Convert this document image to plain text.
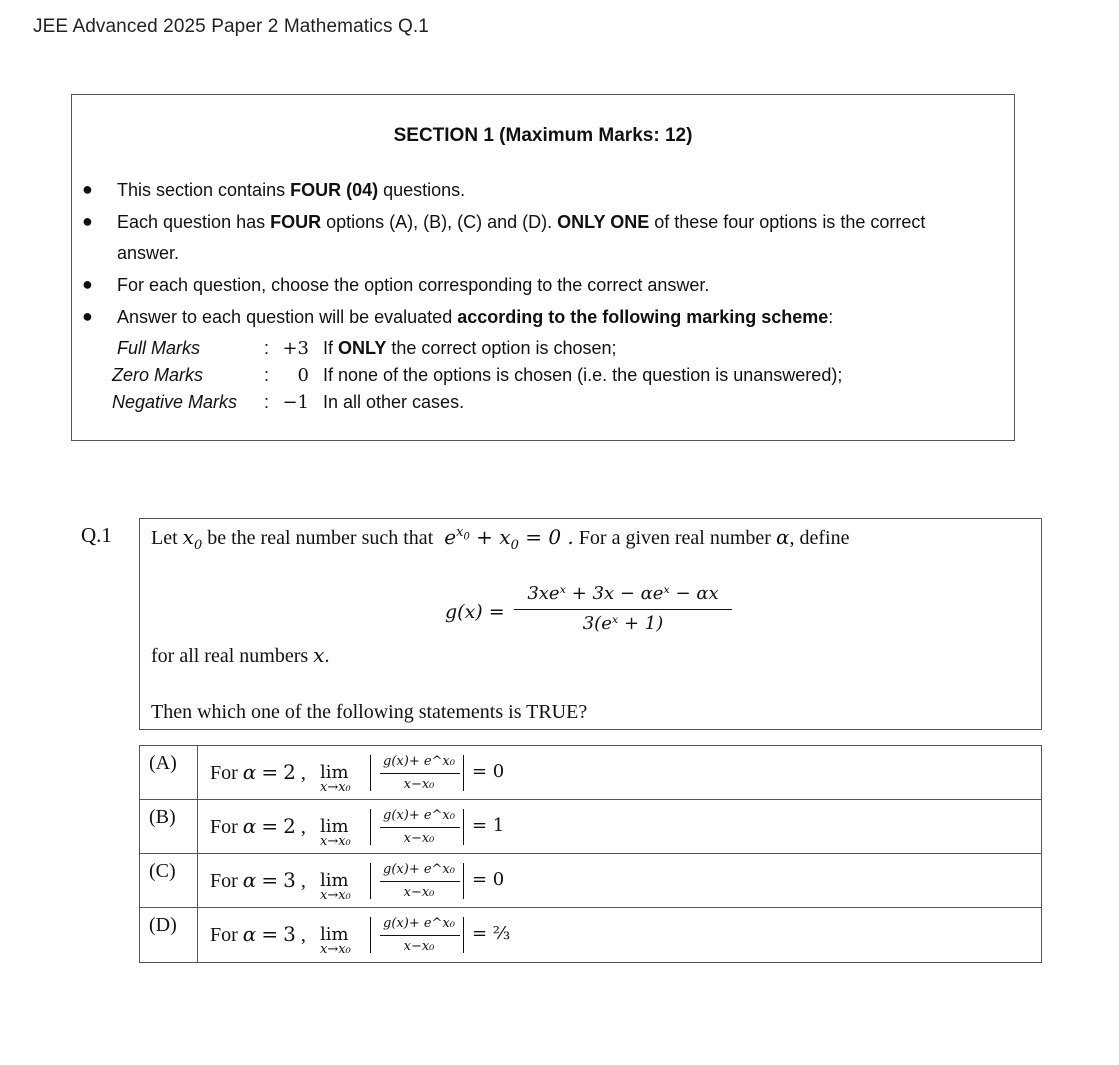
JEE Advanced 2025 Paper 2 Mathematics Q.1
SECTION 1 (Maximum Marks: 12)
● This section contains FOUR (04) questions.
● Each question has FOUR options (A), (B), (C) and (D). ONLY ONE of these four options is the correct
answer.
● For each question, choose the option corresponding to the correct answer.
● Answer to each question will be evaluated according to the following marking scheme:
Full Marks	: +3 If ONLY the correct option is chosen;
Zero Marks	:	0 If none of the options is chosen (i.e. the question is unanswered);
Negative Marks : −1 In all other cases.
Q.1 Let $x_0$ be the real number such that $e^{x_0} + x_0 = 0$ . For a given real number α, define
g(x) =
3xeˣ + 3x − αeˣ − αx
3(eˣ + 1)
for all real numbers x.
Then which one of the following statements is TRUE?
(A)	For α = 2 , lim
x→x₀
g(x)+ e^x₀
x−x₀
= 0
(B)	For α = 2 , lim
x→x₀
g(x)+ e^x₀
x−x₀
= 1
(C)	For α = 3 , lim
x→x₀
g(x)+ e^x₀
x−x₀
= 0
(D)	For α = 3 , lim
x→x₀
g(x)+ e^x₀
x−x₀
= ⅔
